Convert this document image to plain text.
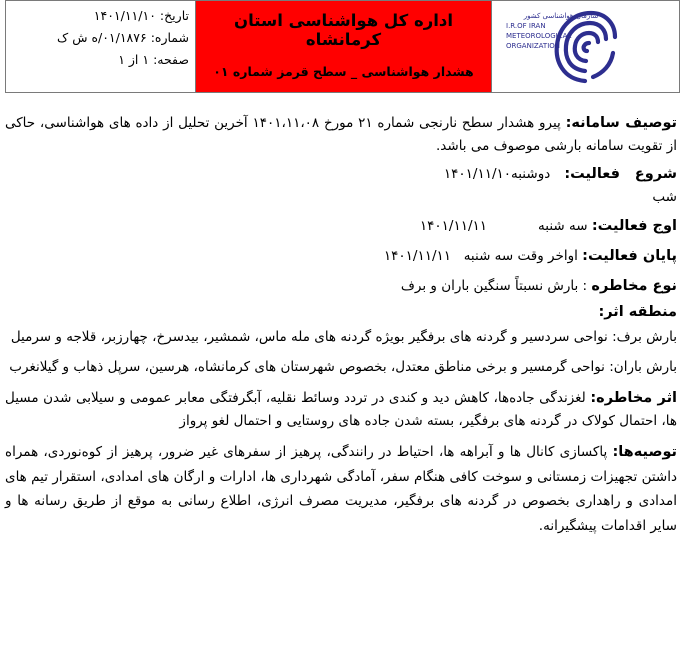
تاریخ: ۱۴۰۱/۱۱/۱۰
شماره: ۰۱/۱۸۷۶/ه ش ک
صفحه: ۱ از ۱
اداره کل هواشناسی استان کرمانشاه
هشدار هواشناسی _ سطح قرمز شماره ۰۱
سازمان هواشناسی کشور
I.R.OF IRAN
METEOROLOGICAL
ORGANIZATION

توصیف سامانه: پیرو هشدار سطح نارنجی شماره ۲۱ مورخ ۱۴۰۱،۱۱،۰۸ آخرین تحلیل از داده های هواشناسی، حاکی از تقویت سامانه بارشی موصوف می باشد.

شروع فعالیت: دوشنبه شب
۱۴۰۱/۱۱/۱۰
اوج فعالیت: سه شنبه
۱۴۰۱/۱۱/۱۱
پایان فعالیت: اواخر وقت سه شنبه
۱۴۰۱/۱۱/۱۱

نوع مخاطره : بارش نسبتاً سنگین باران و برف

منطقه اثر:

بارش برف: نواحی سردسیر و گردنه های برفگیر بویژه گردنه های مله ماس، شمشیر، بیدسرخ، چهارزبر، قلاجه و سرمیل

بارش باران: نواحی گرمسیر و برخی مناطق معتدل، بخصوص شهرستان های کرمانشاه، هرسین، سرپل ذهاب و گیلانغرب

اثر مخاطره: لغزندگی جاده‌ها، کاهش دید و کندی در تردد وسائط نقلیه، آبگرفتگی معابر عمومی و سیلابی شدن مسیل ها، احتمال کولاک در گردنه های برفگیر، بسته شدن جاده های روستایی و احتمال لغو پرواز

توصیه‌ها: پاکسازی کانال ها و آبراهه ها، احتیاط در رانندگی، پرهیز از سفرهای غیر ضرور، پرهیز از کوه‌نوردی، همراه داشتن تجهیزات زمستانی و سوخت کافی هنگام سفر، آمادگی شهرداری ها، ادارات و ارگان های امدادی، استقرار تیم های امدادی و راهداری بخصوص در گردنه های برفگیر، مدیریت مصرف انرژی، اطلاع رسانی به موقع از طریق رسانه ها و سایر اقدامات پیشگیرانه.
